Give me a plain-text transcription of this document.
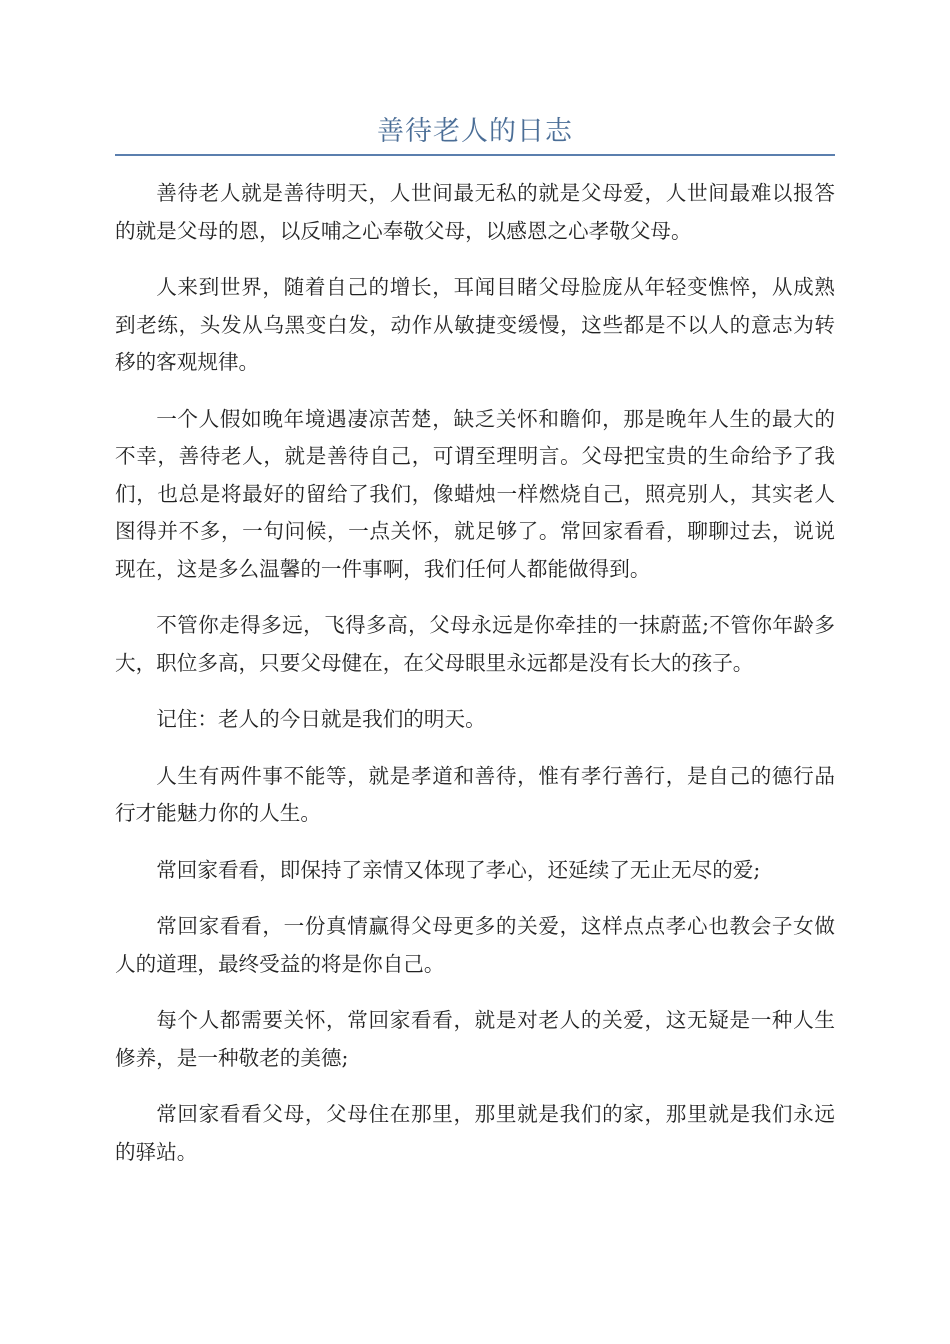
善待老人的日志

善待老人就是善待明天，人世间最无私的就是父母爱，人世间最难以报答的就是父母的恩，以反哺之心奉敬父母，以感恩之心孝敬父母。

人来到世界，随着自己的增长，耳闻目睹父母脸庞从年轻变憔悴，从成熟到老练，头发从乌黑变白发，动作从敏捷变缓慢，这些都是不以人的意志为转移的客观规律。

一个人假如晚年境遇凄凉苦楚，缺乏关怀和瞻仰，那是晚年人生的最大的不幸，善待老人，就是善待自己，可谓至理明言。父母把宝贵的生命给予了我们，也总是将最好的留给了我们，像蜡烛一样燃烧自己，照亮别人，其实老人图得并不多，一句问候，一点关怀，就足够了。常回家看看，聊聊过去，说说现在，这是多么温馨的一件事啊，我们任何人都能做得到。

不管你走得多远，飞得多高，父母永远是你牵挂的一抹蔚蓝;不管你年龄多大，职位多高，只要父母健在，在父母眼里永远都是没有长大的孩子。

记住：老人的今日就是我们的明天。

人生有两件事不能等，就是孝道和善待，惟有孝行善行，是自己的德行品行才能魅力你的人生。

常回家看看，即保持了亲情又体现了孝心，还延续了无止无尽的爱;

常回家看看，一份真情赢得父母更多的关爱，这样点点孝心也教会子女做人的道理，最终受益的将是你自己。

每个人都需要关怀，常回家看看，就是对老人的关爱，这无疑是一种人生修养，是一种敬老的美德;

常回家看看父母，父母住在那里，那里就是我们的家，那里就是我们永远的驿站。
